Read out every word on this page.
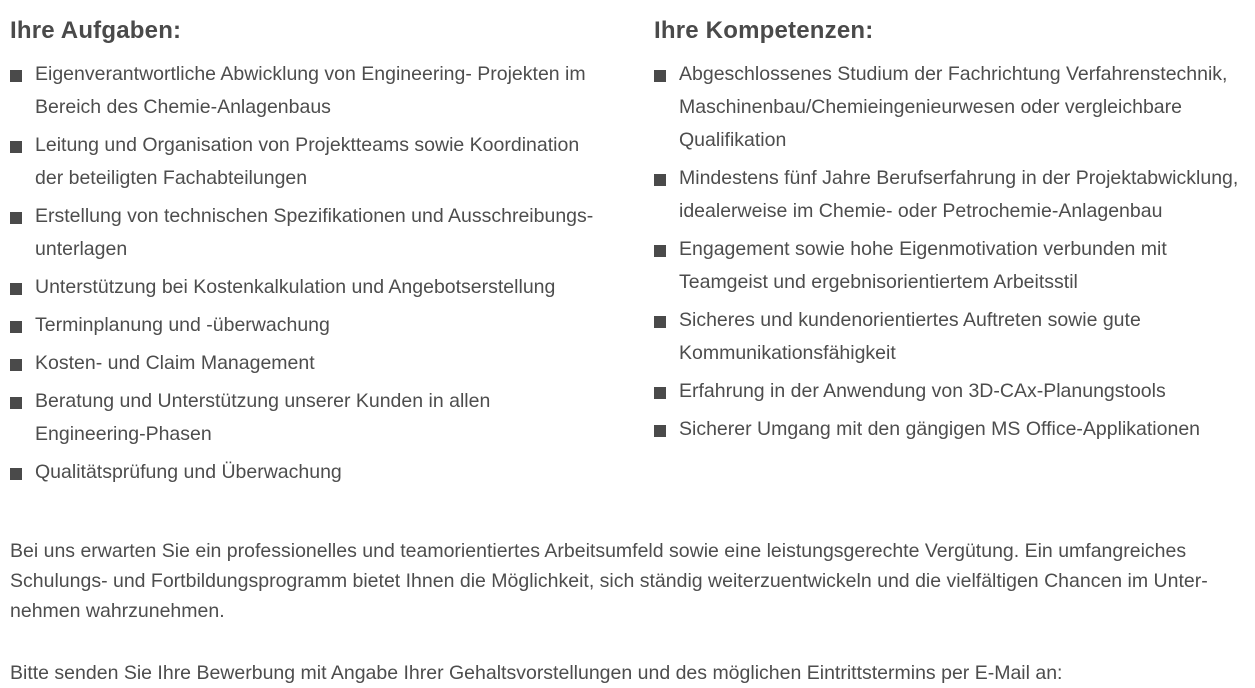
Ihre Aufgaben:
Eigenverantwortliche Abwicklung von Engineering- Projekten im
Bereich des Chemie-Anlagenbaus
Leitung und Organisation von Projektteams sowie Koordination
der beteiligten Fachabteilungen
Erstellung von technischen Spezifikationen und Ausschreibungs-
unterlagen
Unterstützung bei Kostenkalkulation und Angebotserstellung
Terminplanung und -überwachung
Kosten- und Claim Management
Beratung und Unterstützung unserer Kunden in allen
Engineering-Phasen
Qualitätsprüfung und Überwachung
Ihre Kompetenzen:
Abgeschlossenes Studium der Fachrichtung Verfahrenstechnik,
Maschinenbau/Chemieingenieurwesen oder vergleichbare
Qualifikation
Mindestens fünf Jahre Berufserfahrung in der Projektabwicklung,
idealerweise im Chemie- oder Petrochemie-Anlagenbau
Engagement sowie hohe Eigenmotivation verbunden mit
Teamgeist und ergebnisorientiertem Arbeitsstil
Sicheres und kundenorientiertes Auftreten sowie gute
Kommunikationsfähigkeit
Erfahrung in der Anwendung von 3D-CAx-Planungstools
Sicherer Umgang mit den gängigen MS Office-Applikationen

Bei uns erwarten Sie ein professionelles und teamorientiertes Arbeitsumfeld sowie eine leistungsgerechte Vergütung. Ein umfangreiches
Schulungs- und Fortbildungsprogramm bietet Ihnen die Möglichkeit, sich ständig weiterzuentwickeln und die vielfältigen Chancen im Unter-
nehmen wahrzunehmen.

Bitte senden Sie Ihre Bewerbung mit Angabe Ihrer Gehaltsvorstellungen und des möglichen Eintrittstermins per E-Mail an:
